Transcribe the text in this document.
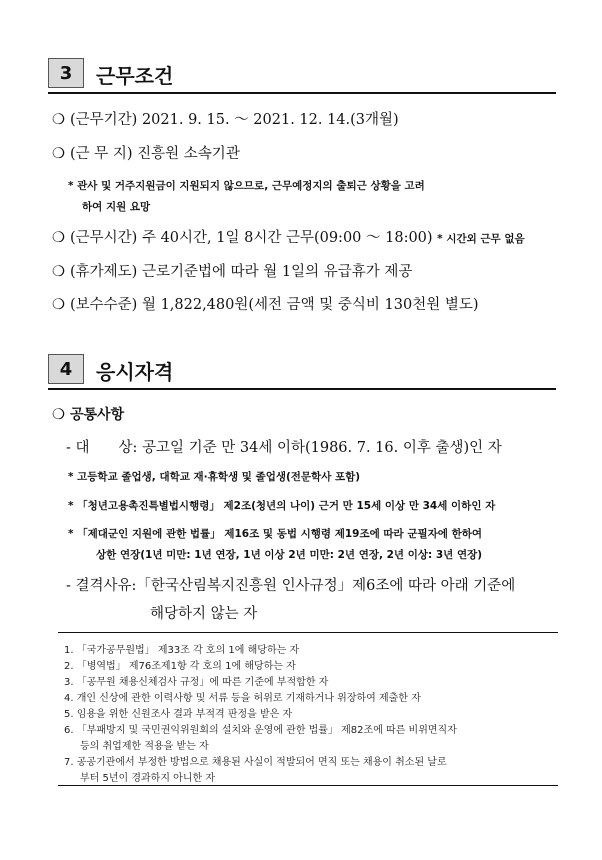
3	근무조건
❍ (근무기간) 2021. 9. 15. ～ 2021. 12. 14.(3개월)
❍ (근 무 지) 진흥원 소속기관
* 관사 및 거주지원금이 지원되지 않으므로, 근무예정지의 출퇴근 상황을 고려
하여 지원 요망
❍ (근무시간) 주 40시간, 1일 8시간 근무(09:00 ～ 18:00) * 시간외 근무 없음
❍ (휴가제도) 근로기준법에 따라 월 1일의 유급휴가 제공
❍ (보수수준) 월 1,822,480원(세전 금액 및 중식비 130천원 별도)
4	응시자격
❍ 공통사항
- 대　　상: 공고일 기준 만 34세 이하(1986. 7. 16. 이후 출생)인 자
* 고등학교 졸업생, 대학교 재·휴학생 및 졸업생(전문학사 포함)
* 「청년고용촉진특별법시행령」 제2조(청년의 나이) 근거 만 15세 이상 만 34세 이하인 자
* 「제대군인 지원에 관한 법률」 제16조 및 동법 시행령 제19조에 따라 군필자에 한하여
상한 연장(1년 미만: 1년 연장, 1년 이상 2년 미만: 2년 연장, 2년 이상: 3년 연장)
- 결격사유:「한국산림복지진흥원 인사규정」제6조에 따라 아래 기준에
해당하지 않는 자
1. 「국가공무원법」 제33조 각 호의 1에 해당하는 자
2. 「병역법」 제76조제1항 각 호의 1에 해당하는 자
3. 「공무원 채용신체검사 규정」에 따른 기준에 부적합한 자
4. 개인 신상에 관한 이력사항 및 서류 등을 허위로 기재하거나 위장하여 제출한 자
5. 임용을 위한 신원조사 결과 부적격 판정을 받은 자
6. 「부패방지 및 국민권익위원회의 설치와 운영에 관한 법률」 제82조에 따른 비위면직자
등의 취업제한 적용을 받는 자
7. 공공기관에서 부정한 방법으로 채용된 사실이 적발되어 면직 또는 채용이 취소된 날로
부터 5년이 경과하지 아니한 자
